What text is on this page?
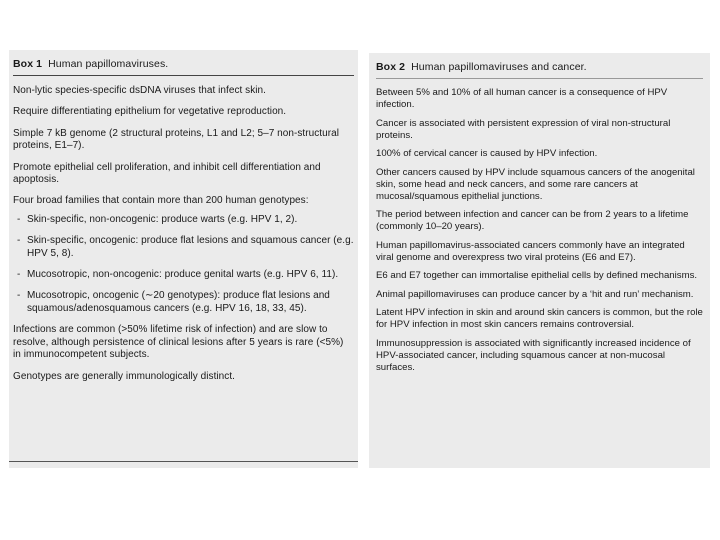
Box 1 Human papillomaviruses.

Non-lytic species-specific dsDNA viruses that infect skin.
Require differentiating epithelium for vegetative reproduction.
Simple 7 kB genome (2 structural proteins, L1 and L2; 5–7 non-structural proteins, E1–7).
Promote epithelial cell proliferation, and inhibit cell differentiation and apoptosis.
Four broad families that contain more than 200 human genotypes:
- Skin-specific, non-oncogenic: produce warts (e.g. HPV 1, 2).
- Skin-specific, oncogenic: produce flat lesions and squamous cancer (e.g. HPV 5, 8).
- Mucosotropic, non-oncogenic: produce genital warts (e.g. HPV 6, 11).
- Mucosotropic, oncogenic (∼20 genotypes): produce flat lesions and squamous/adenosquamous cancers (e.g. HPV 16, 18, 33, 45).
Infections are common (>50% lifetime risk of infection) and are slow to resolve, although persistence of clinical lesions after 5 years is rare (<5%) in immunocompetent subjects.
Genotypes are generally immunologically distinct.

Box 2 Human papillomaviruses and cancer.

Between 5% and 10% of all human cancer is a consequence of HPV infection.
Cancer is associated with persistent expression of viral non-structural proteins.
100% of cervical cancer is caused by HPV infection.
Other cancers caused by HPV include squamous cancers of the anogenital skin, some head and neck cancers, and some rare cancers at mucosal/squamous epithelial junctions.
The period between infection and cancer can be from 2 years to a lifetime (commonly 10–20 years).
Human papillomavirus-associated cancers commonly have an integrated viral genome and overexpress two viral proteins (E6 and E7).
E6 and E7 together can immortalise epithelial cells by defined mechanisms.
Animal papillomaviruses can produce cancer by a ‘hit and run’ mechanism.
Latent HPV infection in skin and around skin cancers is common, but the role for HPV infection in most skin cancers remains controversial.
Immunosuppression is associated with significantly increased incidence of HPV-associated cancer, including squamous cancer at non-mucosal surfaces.
